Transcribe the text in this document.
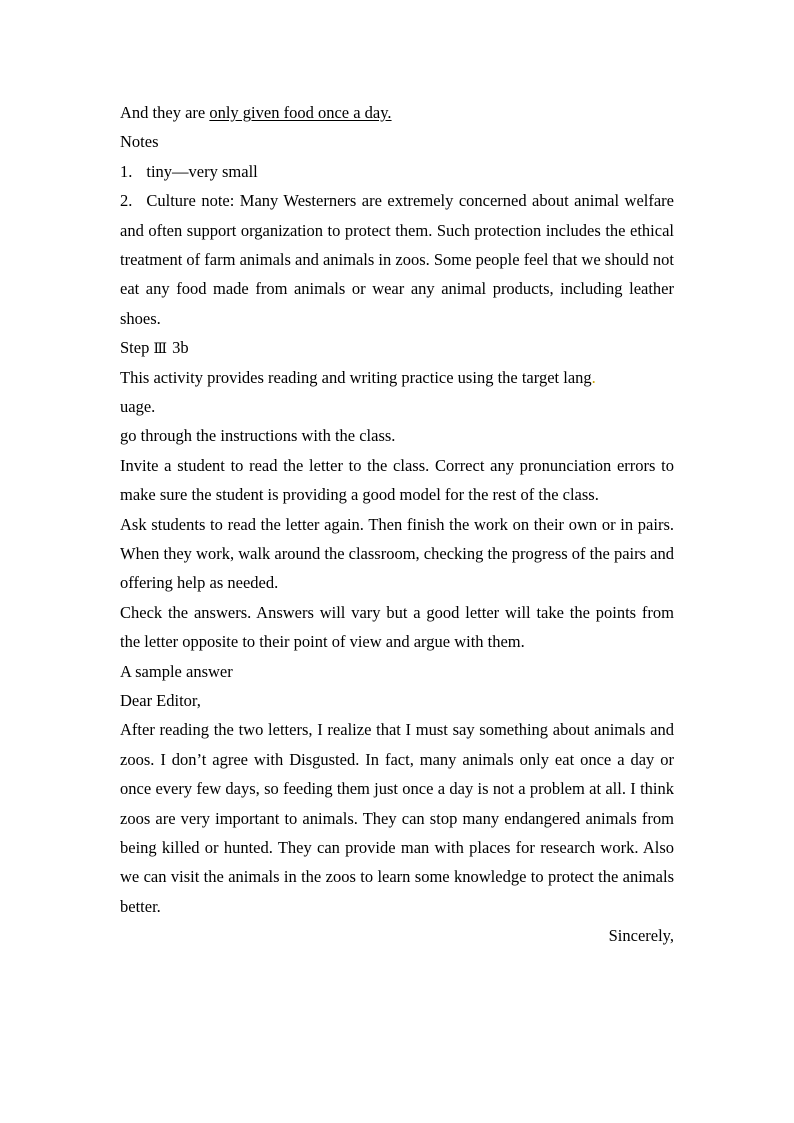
And they are only given food once a day.
Notes
1. tiny—very small
2. Culture note: Many Westerners are extremely concerned about animal welfare and often support organization to protect them. Such protection includes the ethical treatment of farm animals and animals in zoos. Some people feel that we should not eat any food made from animals or wear any animal products, including leather shoes.
Step Ⅲ 3b
This activity provides reading and writing practice using the target lang.
uage.
go through the instructions with the class.
Invite a student to read the letter to the class. Correct any pronunciation errors to make sure the student is providing a good model for the rest of the class.
Ask students to read the letter again. Then finish the work on their own or in pairs. When they work, walk around the classroom, checking the progress of the pairs and offering help as needed.
Check the answers. Answers will vary but a good letter will take the points from the letter opposite to their point of view and argue with them.
A sample answer
Dear Editor,
After reading the two letters, I realize that I must say something about animals and zoos. I don’t agree with Disgusted. In fact, many animals only eat once a day or once every few days, so feeding them just once a day is not a problem at all. I think zoos are very important to animals. They can stop many endangered animals from being killed or hunted. They can provide man with places for research work. Also we can visit the animals in the zoos to learn some knowledge to protect the animals better.
Sincerely,
